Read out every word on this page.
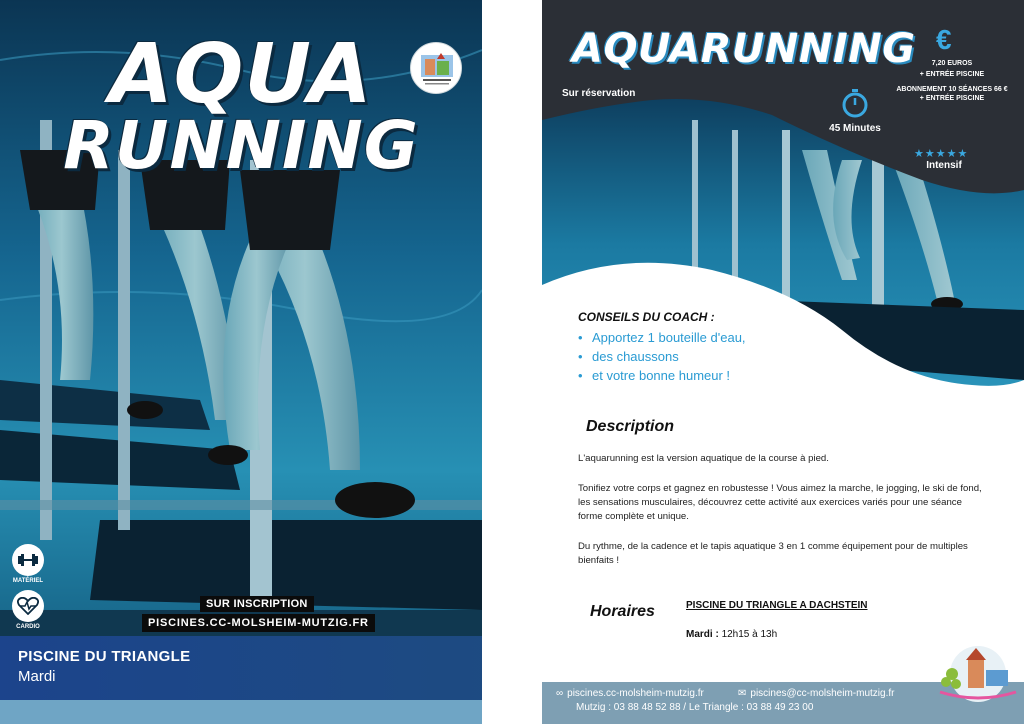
AQUA
RUNNING
MATÉRIEL
CARDIO
SUR INSCRIPTION
PISCINES.CC-MOLSHEIM-MUTZIG.FR
PISCINE DU TRIANGLE
Mardi
AQUARUNNING
Sur réservation
€
7,20 EUROS
+ ENTRÉE PISCINE
ABONNEMENT 10 SÉANCES 66 €
+ ENTRÉE PISCINE
45 Minutes
★★★★★
Intensif
CONSEILS DU COACH :
• Apportez 1 bouteille d'eau,
• des chaussons
• et votre bonne humeur !
Description

L'aquarunning est la version aquatique de la course à pied.

Tonifiez votre corps et gagnez en robustesse ! Vous aimez la marche, le jogging, le ski de fond, les sensations musculaires, découvrez cette activité aux exercices variés pour une séance forme complète et unique.

Du rythme, de la cadence et le tapis aquatique 3 en 1 comme équipement pour de multiples bienfaits !

Horaires	PISCINE DU TRIANGLE A DACHSTEIN
Mardi : 12h15 à 13h
∞ piscines.cc-molsheim-mutzig.fr	✉ piscines@cc-molsheim-mutzig.fr
Mutzig : 03 88 48 52 88 / Le Triangle : 03 88 49 23 00
